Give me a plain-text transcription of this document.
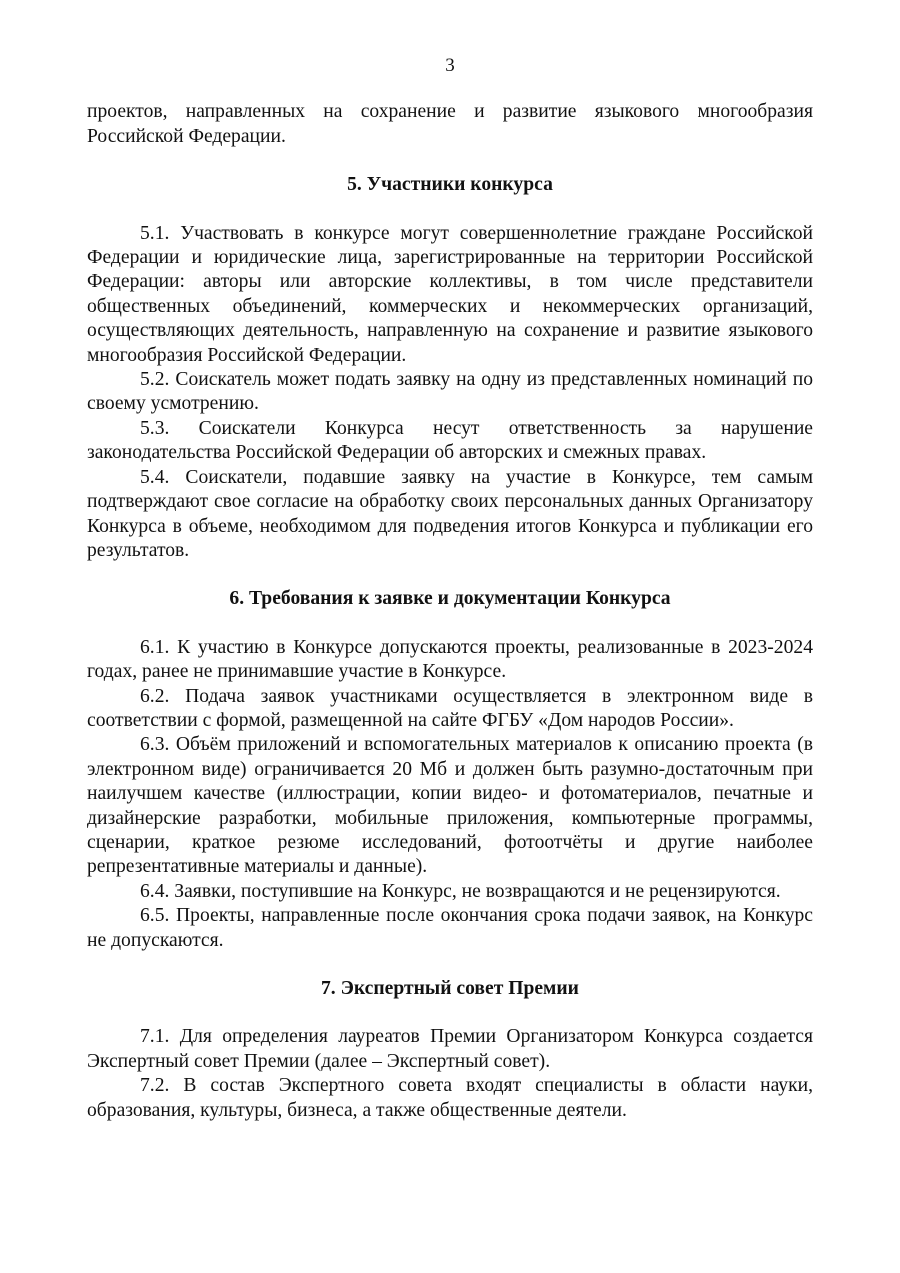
3

проектов, направленных на сохранение и развитие языкового многообразия Российской Федерации.

5. Участники конкурса

5.1. Участвовать в конкурсе могут совершеннолетние граждане Российской Федерации и юридические лица, зарегистрированные на территории Российской Федерации: авторы или авторские коллективы, в том числе представители общественных объединений, коммерческих и некоммерческих организаций, осуществляющих деятельность, направленную на сохранение и развитие языкового многообразия Российской Федерации.

5.2. Соискатель может подать заявку на одну из представленных номинаций по своему усмотрению.

5.3. Соискатели Конкурса несут ответственность за нарушение законодательства Российской Федерации об авторских и смежных правах.

5.4. Соискатели, подавшие заявку на участие в Конкурсе, тем самым подтверждают свое согласие на обработку своих персональных данных Организатору Конкурса в объеме, необходимом для подведения итогов Конкурса и публикации его результатов.

6. Требования к заявке и документации Конкурса

6.1. К участию в Конкурсе допускаются проекты, реализованные в 2023-2024 годах, ранее не принимавшие участие в Конкурсе.

6.2. Подача заявок участниками осуществляется в электронном виде в соответствии с формой, размещенной на сайте ФГБУ «Дом народов России».

6.3. Объём приложений и вспомогательных материалов к описанию проекта (в электронном виде) ограничивается 20 Мб и должен быть разумно-достаточным при наилучшем качестве (иллюстрации, копии видео- и фотоматериалов, печатные и дизайнерские разработки, мобильные приложения, компьютерные программы, сценарии, краткое резюме исследований, фотоотчёты и другие наиболее репрезентативные материалы и данные).

6.4. Заявки, поступившие на Конкурс, не возвращаются и не рецензируются.

6.5. Проекты, направленные после окончания срока подачи заявок, на Конкурс не допускаются.

7. Экспертный совет Премии

7.1. Для определения лауреатов Премии Организатором Конкурса создается Экспертный совет Премии (далее – Экспертный совет).

7.2. В состав Экспертного совета входят специалисты в области науки, образования, культуры, бизнеса, а также общественные деятели.
